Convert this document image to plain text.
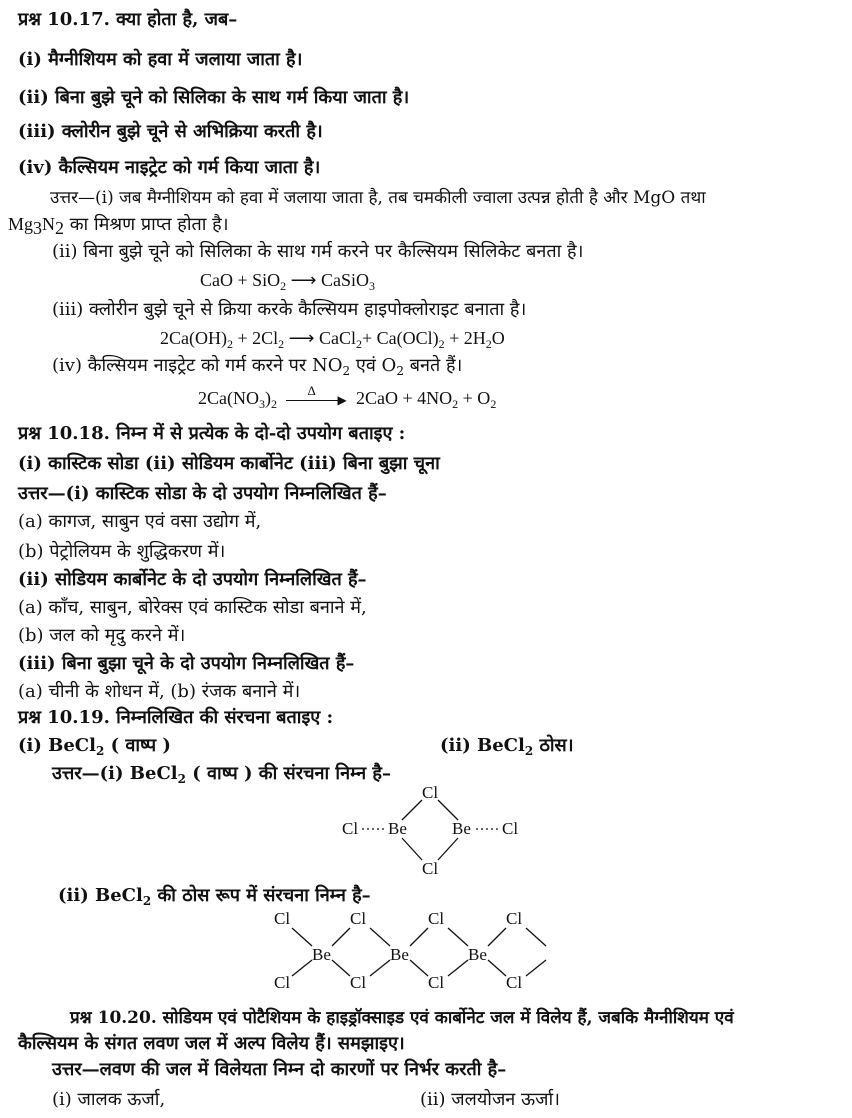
प्रश्न 10.17. क्या होता है, जब–
(i) मैग्नीशियम को हवा में जलाया जाता है।
(ii) बिना बुझे चूने को सिलिका के साथ गर्म किया जाता है।
(iii) क्लोरीन बुझे चूने से अभिक्रिया करती है।
(iv) कैल्सियम नाइट्रेट को गर्म किया जाता है।
उत्तर—(i) जब मैग्नीशियम को हवा में जलाया जाता है, तब चमकीली ज्वाला उत्पन्न होती है और MgO तथा
$Mg_3N_2$ का मिश्रण प्राप्त होता है।
(ii) बिना बुझे चूने को सिलिका के साथ गर्म करने पर कैल्सियम सिलिकेट बनता है।
CaO + SiO$_2$ ⟶ CaSiO$_3$
(iii) क्लोरीन बुझे चूने से क्रिया करके कैल्सियम हाइपोक्लोराइट बनाता है।
$2Ca(OH)_2 + 2Cl_2$ ⟶ CaCl$_2$+ $Ca(OCl)_2 + 2H_2O$
(iv) कैल्सियम नाइट्रेट को गर्म करने पर $NO_2$ एवं $O_2$ बनते हैं।
$2Ca(NO_3)_2$
Δ
▶ $2CaO + 4NO_2 + O_2$
प्रश्न 10.18. निम्न में से प्रत्येक के दो-दो उपयोग बताइए :
(i) कास्टिक सोडा (ii) सोडियम कार्बोनेट (iii) बिना बुझा चूना
उत्तर—(i) कास्टिक सोडा के दो उपयोग निम्नलिखित हैं–
(a) कागज, साबुन एवं वसा उद्योग में,
(b) पेट्रोलियम के शुद्धिकरण में।
(ii) सोडियम कार्बोनेट के दो उपयोग निम्नलिखित हैं–
(a) काँच, साबुन, बोरेक्स एवं कास्टिक सोडा बनाने में,
(b) जल को मृदु करने में।
(iii) बिना बुझा चूने के दो उपयोग निम्नलिखित हैं–
(a) चीनी के शोधन में, (b) रंजक बनाने में।
प्रश्न 10.19. निम्नलिखित की संरचना बताइए :
(i) BeCl$_2$ ( वाष्प )	(ii) BeCl$_2$ ठोस।
उत्तर—(i) BeCl$_2$ ( वाष्प ) की संरचना निम्न है–
Cl
Cl Be	Be Cl
Cl
(ii) BeCl$_2$ की ठोस रूप में संरचना निम्न है–
Cl
Cl
Be
Cl
Cl
Be
Cl
Cl
Be
Cl
Cl
प्रश्न 10.20. सोडियम एवं पोटैशियम के हाइड्रॉक्साइड एवं कार्बोनेट जल में विलेय हैं, जबकि मैग्नीशियम एवं
कैल्सियम के संगत लवण जल में अल्प विलेय हैं। समझाइए।
उत्तर—लवण की जल में विलेयता निम्न दो कारणों पर निर्भर करती है–
(i) जालक ऊर्जा,	(ii) जलयोजन ऊर्जा।
